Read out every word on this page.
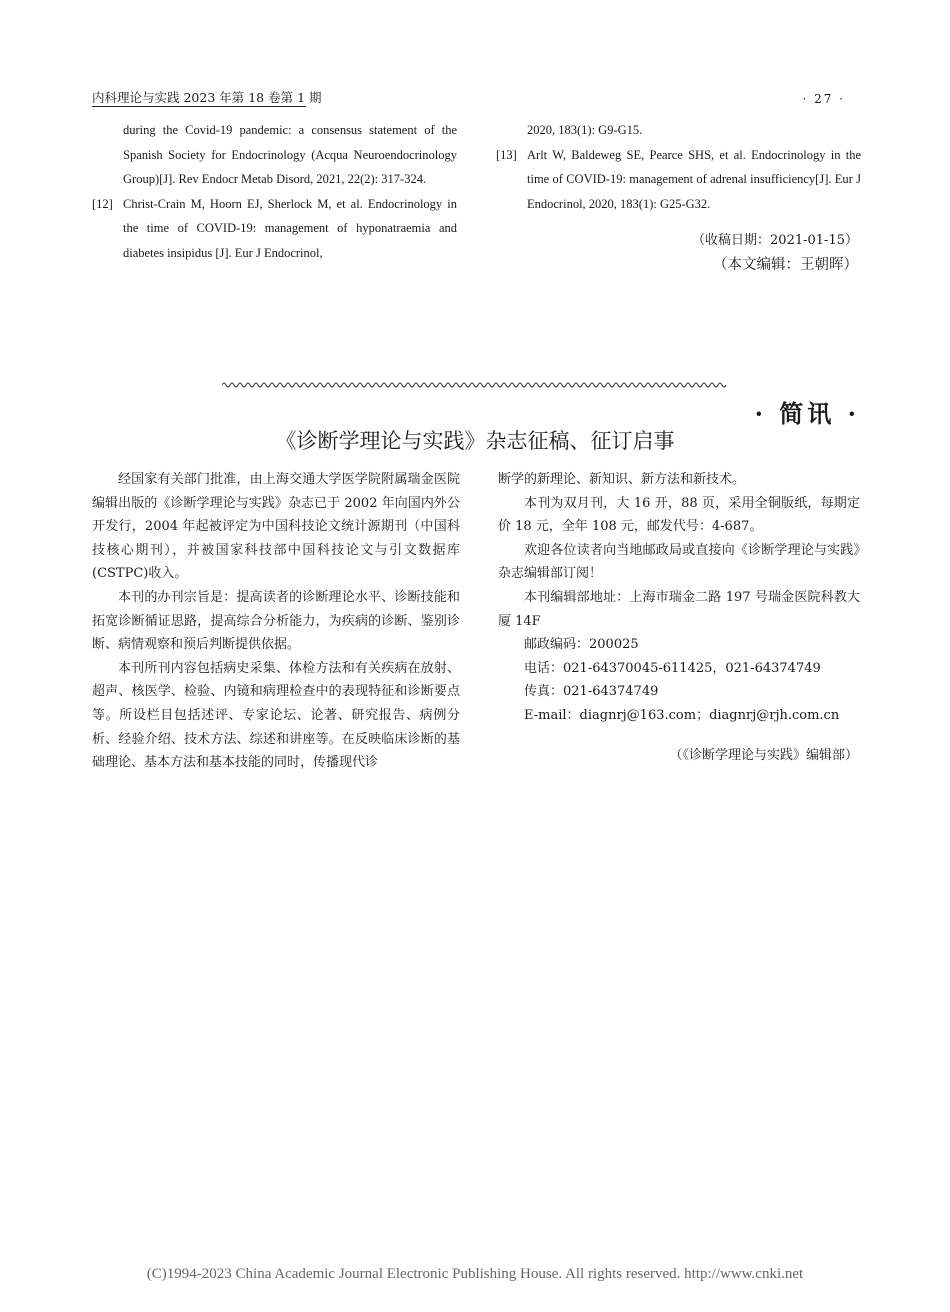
内科理论与实践 2023 年第 18 卷第 1 期	· 27 ·
during the Covid-19 pandemic: a consensus statement of the Spanish Society for Endocrinology (Acqua Neuroendocrinology Group)[J]. Rev Endocr Metab Disord, 2021, 22(2): 317-324.
[12] Christ-Crain M, Hoorn EJ, Sherlock M, et al. Endocrinology in the time of COVID-19: management of hyponatraemia and diabetes insipidus [J]. Eur J Endocrinol,
2020, 183(1): G9-G15.
[13] Arlt W, Baldeweg SE, Pearce SHS, et al. Endocrinology in the time of COVID-19: management of adrenal insufficiency[J]. Eur J Endocrinol, 2020, 183(1): G25-G32.
（收稿日期：2021-01-15）
（本文编辑：王朝晖）
· 简讯 ·
《诊断学理论与实践》杂志征稿、征订启事

经国家有关部门批准，由上海交通大学医学院附属瑞金医院编辑出版的《诊断学理论与实践》杂志已于 2002 年向国内外公开发行，2004 年起被评定为中国科技论文统计源期刊（中国科技核心期刊），并被国家科技部中国科技论文与引文数据库(CSTPC)收入。

本刊的办刊宗旨是：提高读者的诊断理论水平、诊断技能和拓宽诊断循证思路，提高综合分析能力，为疾病的诊断、鉴别诊断、病情观察和预后判断提供依据。

本刊所刊内容包括病史采集、体检方法和有关疾病在放射、超声、核医学、检验、内镜和病理检查中的表现特征和诊断要点等。所设栏目包括述评、专家论坛、论著、研究报告、病例分析、经验介绍、技术方法、综述和讲座等。在反映临床诊断的基础理论、基本方法和基本技能的同时，传播现代诊

断学的新理论、新知识、新方法和新技术。

本刊为双月刊，大 16 开，88 页，采用全铜版纸，每期定价 18 元，全年 108 元，邮发代号：4-687。

欢迎各位读者向当地邮政局或直接向《诊断学理论与实践》杂志编辑部订阅！

本刊编辑部地址：上海市瑞金二路 197 号瑞金医院科教大厦 14F

邮政编码：200025
电话：021-64370045-611425，021-64374749
传真：021-64374749
E-mail：diagnrj@163.com；diagnrj@rjh.com.cn
（《诊断学理论与实践》编辑部）
(C)1994-2023 China Academic Journal Electronic Publishing House. All rights reserved. http://www.cnki.net
